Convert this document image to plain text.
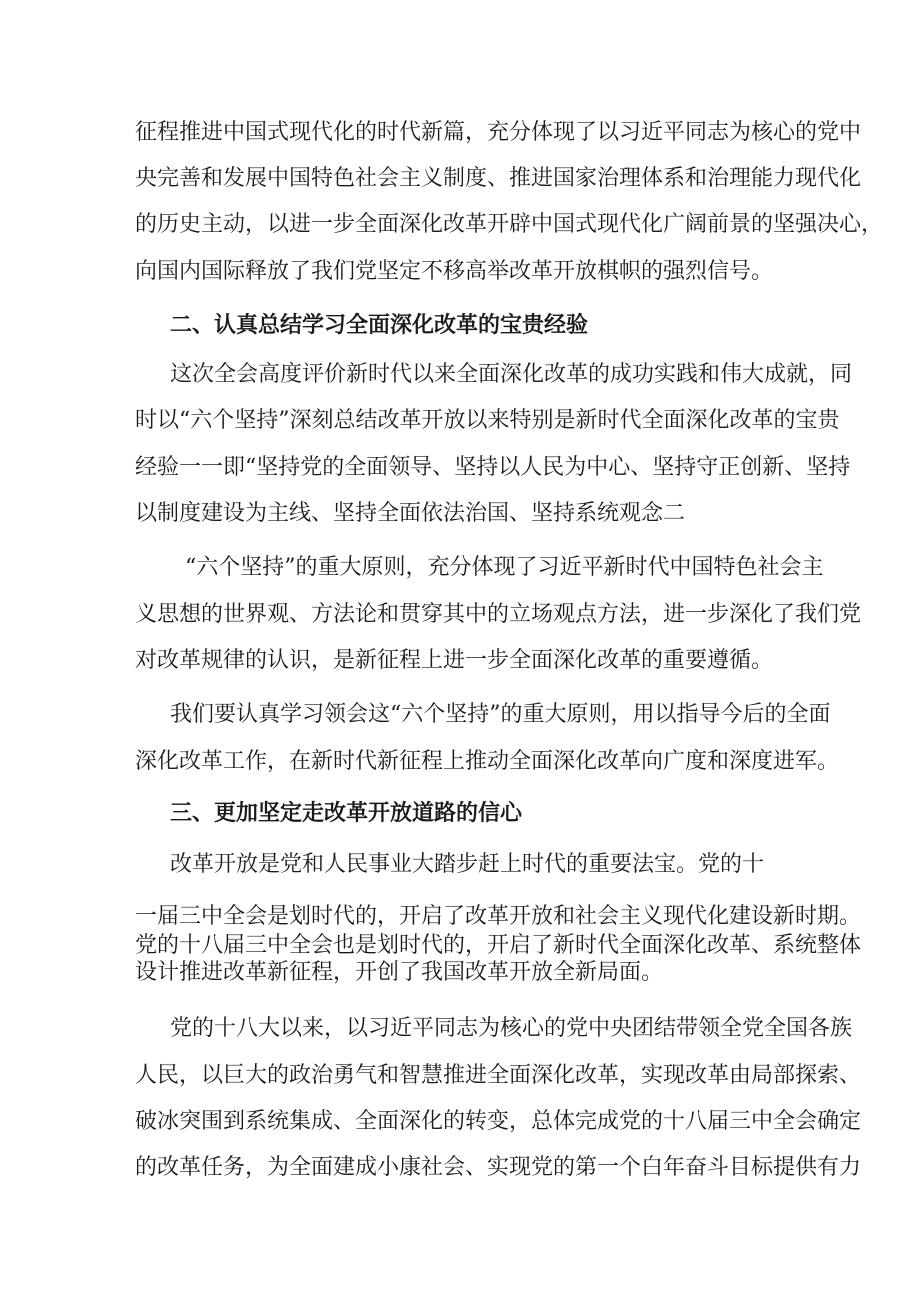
征程推进中国式现代化的时代新篇，充分体现了以习近平同志为核心的党中
央完善和发展中国特色社会主义制度、推进国家治理体系和治理能力现代化
的历史主动，以进一步全面深化改革开辟中国式现代化广阔前景的坚强决心，
向国内国际释放了我们党坚定不移高举改革开放棋帜的强烈信号。
二、认真总结学习全面深化改革的宝贵经验
这次全会高度评价新时代以来全面深化改革的成功实践和伟大成就，同
时以“六个坚持”深刻总结改革开放以来特别是新时代全面深化改革的宝贵
经验一一即“坚持党的全面领导、坚持以人民为中心、坚持守正创新、坚持
以制度建设为主线、坚持全面依法治国、坚持系统观念二
“六个坚持”的重大原则，充分体现了习近平新时代中国特色社会主
义思想的世界观、方法论和贯穿其中的立场观点方法，进一步深化了我们党
对改革规律的认识，是新征程上进一步全面深化改革的重要遵循。
我们要认真学习领会这“六个坚持”的重大原则，用以指导今后的全面
深化改革工作，在新时代新征程上推动全面深化改革向广度和深度进军。
三、更加坚定走改革开放道路的信心
改革开放是党和人民事业大踏步赶上时代的重要法宝。党的十
一届三中全会是划时代的，开启了改革开放和社会主义现代化建设新时期。
党的十八届三中全会也是划时代的，开启了新时代全面深化改革、系统整体
设计推进改革新征程，开创了我国改革开放全新局面。
党的十八大以来，以习近平同志为核心的党中央团结带领全党全国各族
人民，以巨大的政治勇气和智慧推进全面深化改革，实现改革由局部探索、
破冰突围到系统集成、全面深化的转变，总体完成党的十八届三中全会确定
的改革任务，为全面建成小康社会、实现党的第一个白年奋斗目标提供有力
